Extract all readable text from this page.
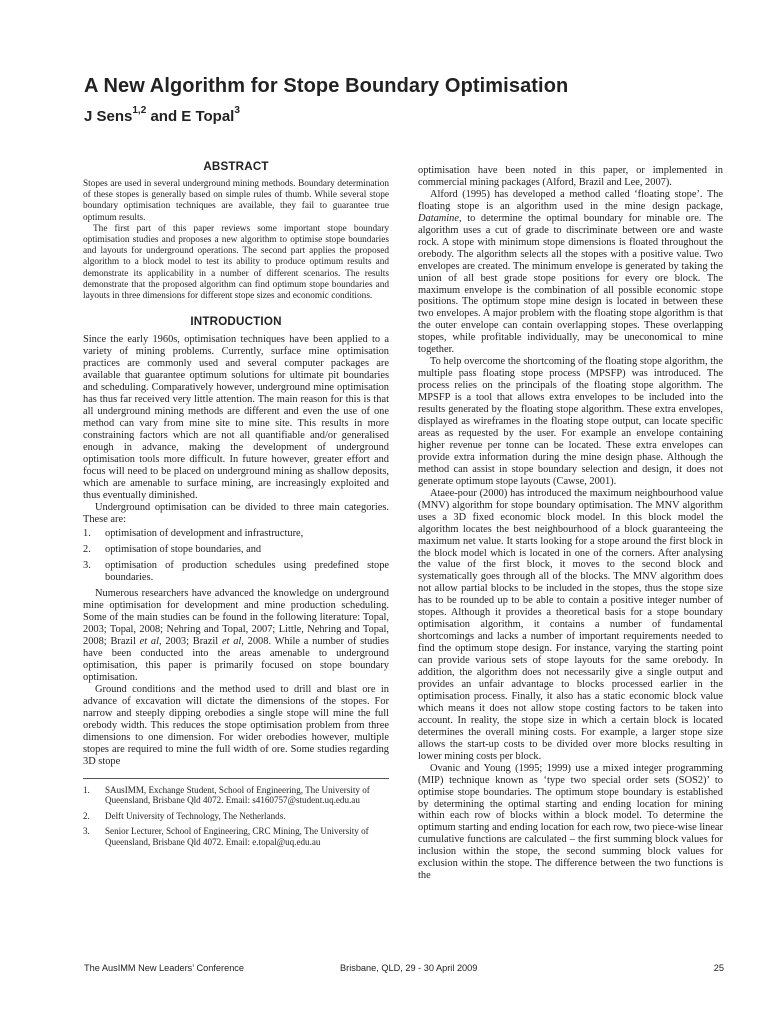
A New Algorithm for Stope Boundary Optimisation

J Sens$^{1,2}$ and E Topal$^3$

ABSTRACT

Stopes are used in several underground mining methods. Boundary determination of these stopes is generally based on simple rules of thumb. While several stope boundary optimisation techniques are available, they fail to guarantee true optimum results.

The first part of this paper reviews some important stope boundary optimisation studies and proposes a new algorithm to optimise stope boundaries and layouts for underground operations. The second part applies the proposed algorithm to a block model to test its ability to produce optimum results and demonstrate its applicability in a number of different scenarios. The results demonstrate that the proposed algorithm can find optimum stope boundaries and layouts in three dimensions for different stope sizes and economic conditions.

INTRODUCTION

Since the early 1960s, optimisation techniques have been applied to a variety of mining problems. Currently, surface mine optimisation practices are commonly used and several computer packages are available that guarantee optimum solutions for ultimate pit boundaries and scheduling. Comparatively however, underground mine optimisation has thus far received very little attention. The main reason for this is that all underground mining methods are different and even the use of one method can vary from mine site to mine site. This results in more constraining factors which are not all quantifiable and/or generalised enough in advance, making the development of underground optimisation tools more difficult. In future however, greater effort and focus will need to be placed on underground mining as shallow deposits, which are amenable to surface mining, are increasingly exploited and thus eventually diminished.

Underground optimisation can be divided to three main categories. These are:

1.	optimisation of development and infrastructure,
2.	optimisation of stope boundaries, and
3.	optimisation of production schedules using predefined stope boundaries.

Numerous researchers have advanced the knowledge on underground mine optimisation for development and mine production scheduling. Some of the main studies can be found in the following literature: Topal, 2003; Topal, 2008; Nehring and Topal, 2007; Little, Nehring and Topal, 2008; Brazil et al, 2003; Brazil et al, 2008. While a number of studies have been conducted into the areas amenable to underground optimisation, this paper is primarily focused on stope boundary optimisation.

Ground conditions and the method used to drill and blast ore in advance of excavation will dictate the dimensions of the stopes. For narrow and steeply dipping orebodies a single stope will mine the full orebody width. This reduces the stope optimisation problem from three dimensions to one dimension. For wider orebodies however, multiple stopes are required to mine the full width of ore. Some studies regarding 3D stope

1.	SAusIMM, Exchange Student, School of Engineering, The University of Queensland, Brisbane Qld 4072. Email: s4160757@student.uq.edu.au
2.	Delft University of Technology, The Netherlands.
3.	Senior Lecturer, School of Engineering, CRC Mining, The University of Queensland, Brisbane Qld 4072. Email: e.topal@uq.edu.au

optimisation have been noted in this paper, or implemented in commercial mining packages (Alford, Brazil and Lee, 2007).

Alford (1995) has developed a method called ‘floating stope’. The floating stope is an algorithm used in the mine design package, Datamine, to determine the optimal boundary for minable ore. The algorithm uses a cut of grade to discriminate between ore and waste rock. A stope with minimum stope dimensions is floated throughout the orebody. The algorithm selects all the stopes with a positive value. Two envelopes are created. The minimum envelope is generated by taking the union of all best grade stope positions for every ore block. The maximum envelope is the combination of all possible economic stope positions. The optimum stope mine design is located in between these two envelopes. A major problem with the floating stope algorithm is that the outer envelope can contain overlapping stopes. These overlapping stopes, while profitable individually, may be uneconomical to mine together.

To help overcome the shortcoming of the floating stope algorithm, the multiple pass floating stope process (MPSFP) was introduced. The process relies on the principals of the floating stope algorithm. The MPSFP is a tool that allows extra envelopes to be included into the results generated by the floating stope algorithm. These extra envelopes, displayed as wireframes in the floating stope output, can locate specific areas as requested by the user. For example an envelope containing higher revenue per tonne can be located. These extra envelopes can provide extra information during the mine design phase. Although the method can assist in stope boundary selection and design, it does not generate optimum stope layouts (Cawse, 2001).

Ataee-pour (2000) has introduced the maximum neighbourhood value (MNV) algorithm for stope boundary optimisation. The MNV algorithm uses a 3D fixed economic block model. In this block model the algorithm locates the best neighbourhood of a block guaranteeing the maximum net value. It starts looking for a stope around the first block in the block model which is located in one of the corners. After analysing the value of the first block, it moves to the second block and systematically goes through all of the blocks. The MNV algorithm does not allow partial blocks to be included in the stopes, thus the stope size has to be rounded up to be able to contain a positive integer number of stopes. Although it provides a theoretical basis for a stope boundary optimisation algorithm, it contains a number of fundamental shortcomings and lacks a number of important requirements needed to find the optimum stope design. For instance, varying the starting point can provide various sets of stope layouts for the same orebody. In addition, the algorithm does not necessarily give a single output and provides an unfair advantage to blocks processed earlier in the optimisation process. Finally, it also has a static economic block value which means it does not allow stope costing factors to be taken into account. In reality, the stope size in which a certain block is located determines the overall mining costs. For example, a larger stope size allows the start-up costs to be divided over more blocks resulting in lower mining costs per block.

Ovanic and Young (1995; 1999) use a mixed integer programming (MIP) technique known as ‘type two special order sets (SOS2)’ to optimise stope boundaries. The optimum stope boundary is established by determining the optimal starting and ending location for mining within each row of blocks within a block model. To determine the optimum starting and ending location for each row, two piece-wise linear cumulative functions are calculated – the first summing block values for inclusion within the stope, the second summing block values for exclusion within the stope. The difference between the two functions is the

The AusIMM New Leaders’ Conference	Brisbane, QLD, 29 - 30 April 2009	25
